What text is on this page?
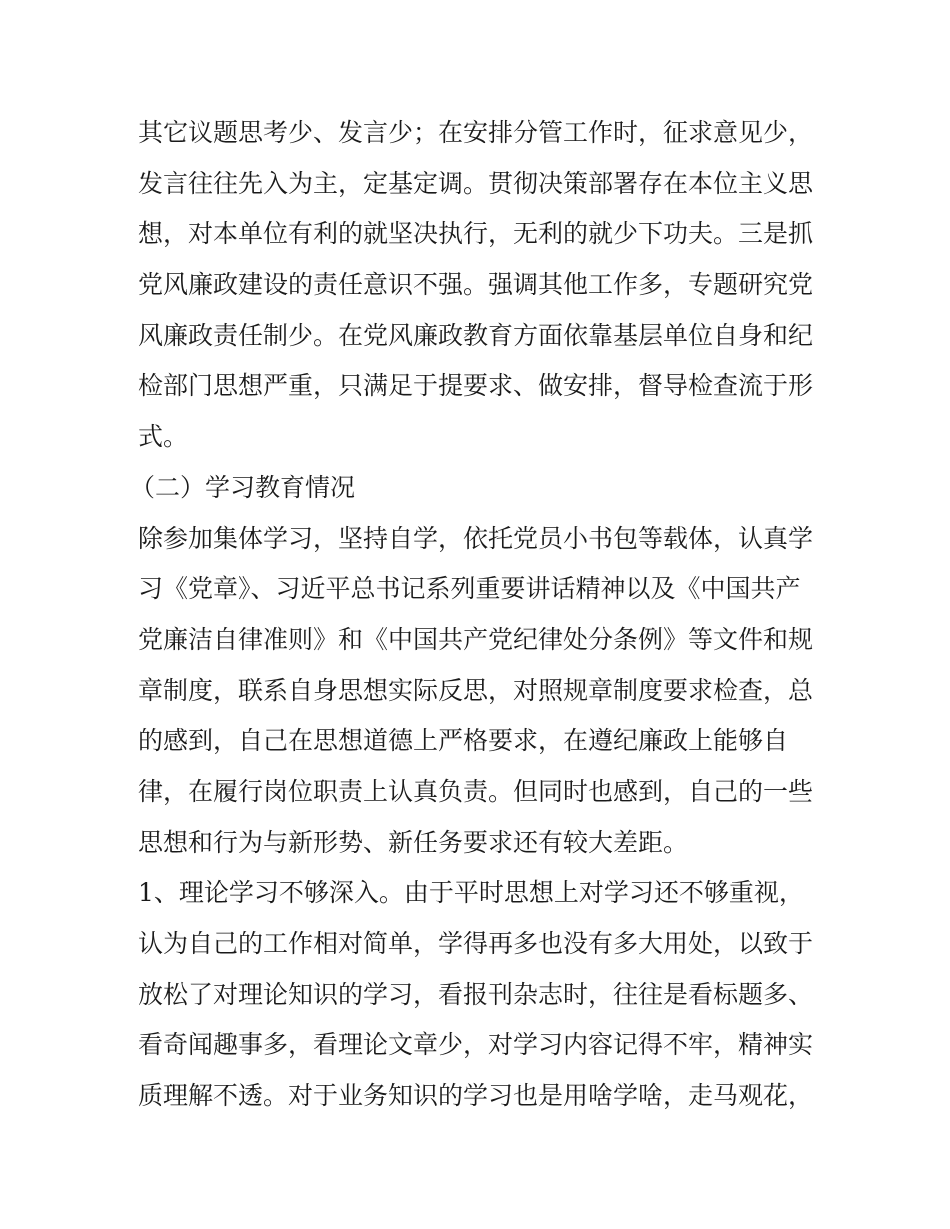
其它议题思考少、发言少；在安排分管工作时，征求意见少，
发言往往先入为主，定基定调。贯彻决策部署存在本位主义思
想，对本单位有利的就坚决执行，无利的就少下功夫。三是抓
党风廉政建设的责任意识不强。强调其他工作多，专题研究党
风廉政责任制少。在党风廉政教育方面依靠基层单位自身和纪
检部门思想严重，只满足于提要求、做安排，督导检查流于形
式。
（二）学习教育情况
除参加集体学习，坚持自学，依托党员小书包等载体，认真学
习《党章》、习近平总书记系列重要讲话精神以及《中国共产
党廉洁自律准则》和《中国共产党纪律处分条例》等文件和规
章制度，联系自身思想实际反思，对照规章制度要求检查，总
的感到，自己在思想道德上严格要求，在遵纪廉政上能够自
律，在履行岗位职责上认真负责。但同时也感到，自己的一些
思想和行为与新形势、新任务要求还有较大差距。
1、理论学习不够深入。由于平时思想上对学习还不够重视，
认为自己的工作相对简单，学得再多也没有多大用处，以致于
放松了对理论知识的学习，看报刊杂志时，往往是看标题多、
看奇闻趣事多，看理论文章少，对学习内容记得不牢，精神实
质理解不透。对于业务知识的学习也是用啥学啥，走马观花，
